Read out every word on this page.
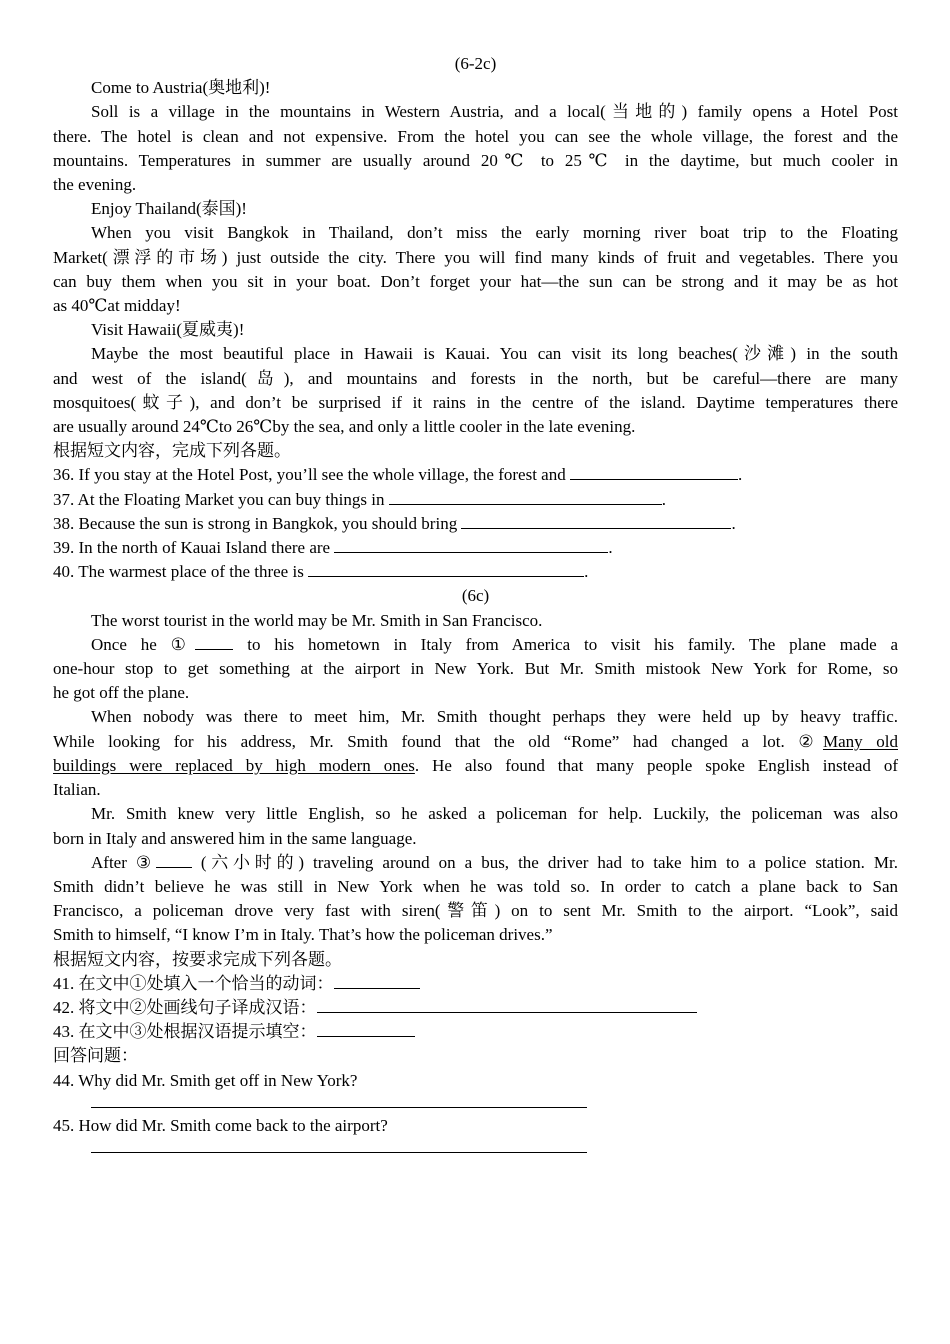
(6-2c)

Come to Austria(奥地利)!

Soll is a village in the mountains in Western Austria, and a local(当地的) family opens a Hotel Post

there. The hotel is clean and not expensive. From the hotel you can see the whole village, the forest and the

mountains. Temperatures in summer are usually around 20℃ to 25℃ in the daytime, but much cooler in

the evening.

Enjoy Thailand(泰国)!

When you visit Bangkok in Thailand, don’t miss the early morning river boat trip to the Floating

Market(漂浮的市场) just outside the city. There you will find many kinds of fruit and vegetables. There you

can buy them when you sit in your boat. Don’t forget your hat—the sun can be strong and it may be as hot

as 40℃at midday!

Visit Hawaii(夏威夷)!

Maybe the most beautiful place in Hawaii is Kauai. You can visit its long beaches(沙滩) in the south

and west of the island(岛), and mountains and forests in the north, but be careful—there are many

mosquitoes(蚊子), and don’t be surprised if it rains in the centre of the island. Daytime temperatures there

are usually around 24℃to 26℃by the sea, and only a little cooler in the late evening.

根据短文内容，完成下列各题。

36. If you stay at the Hotel Post, you’ll see the whole village, the forest and	.

37. At the Floating Market you can buy things in	.

38. Because the sun is strong in Bangkok, you should bring	.

39. In the north of Kauai Island there are	.

40. The warmest place of the three is	.

(6c)

The worst tourist in the world may be Mr. Smith in San Francisco.

Once he ① to his hometown in Italy from America to visit his family. The plane made a

one-hour stop to get something at the airport in New York. But Mr. Smith mistook New York for Rome, so

he got off the plane.

When nobody was there to meet him, Mr. Smith thought perhaps they were held up by heavy traffic.

While looking for his address, Mr. Smith found that the old “Rome” had changed a lot. ②Many old

buildings were replaced by high modern ones. He also found that many people spoke English instead of

Italian.

Mr. Smith knew very little English, so he asked a policeman for help. Luckily, the policeman was also

born in Italy and answered him in the same language.

After ③ (六小时的) traveling around on a bus, the driver had to take him to a police station. Mr.

Smith didn’t believe he was still in New York when he was told so. In order to catch a plane back to San

Francisco, a policeman drove very fast with siren(警笛) on to sent Mr. Smith to the airport. “Look”, said

Smith to himself, “I know I’m in Italy. That’s how the policeman drives.”

根据短文内容，按要求完成下列各题。

41. 在文中①处填入一个恰当的动词：

42. 将文中②处画线句子译成汉语：

43. 在文中③处根据汉语提示填空：

回答问题：

44. Why did Mr. Smith get off in New York?

45. How did Mr. Smith come back to the airport?
